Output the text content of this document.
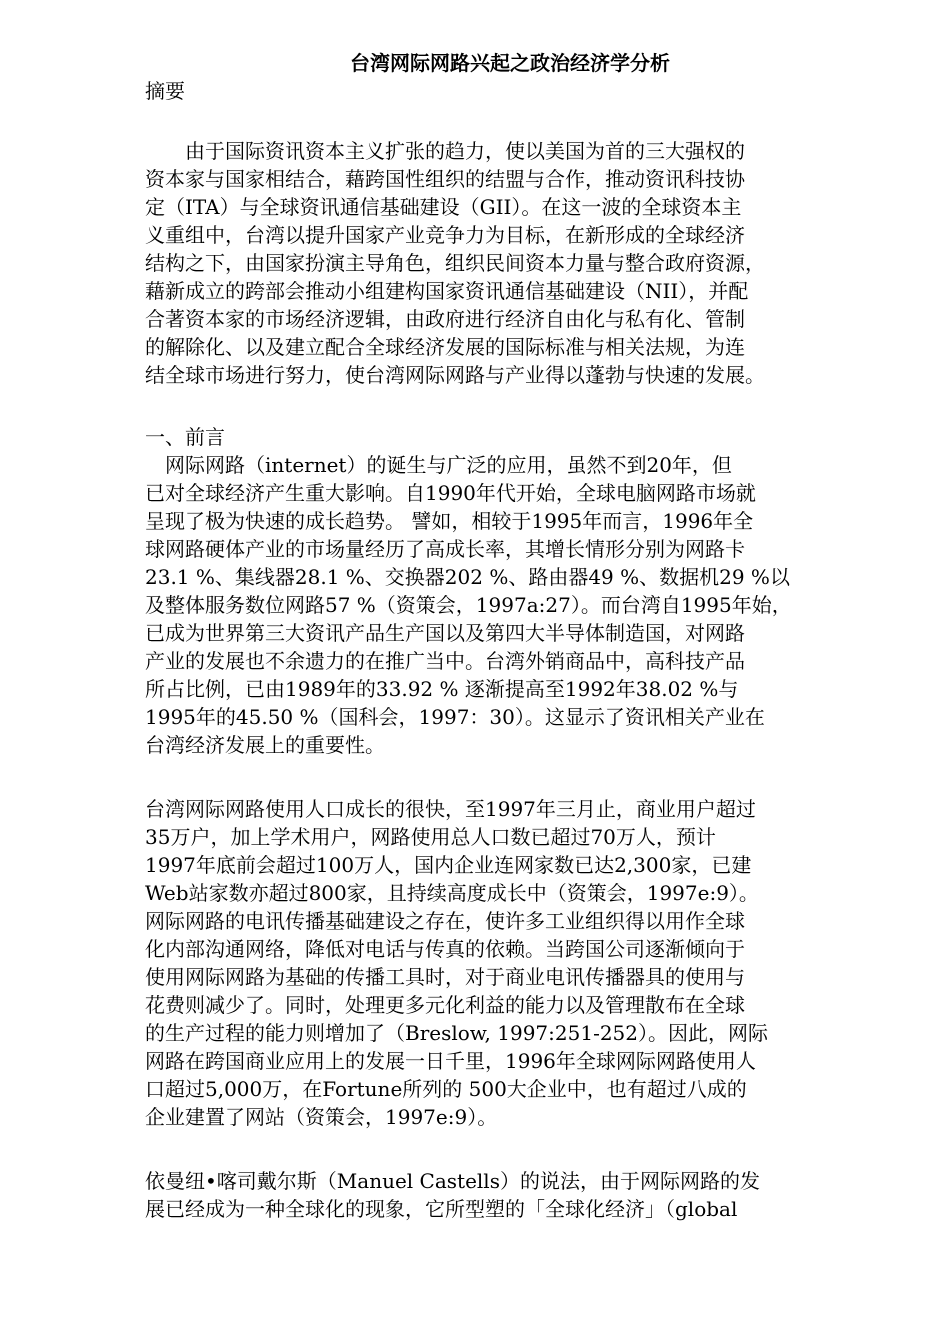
台湾网际网路兴起之政治经济学分析
摘要
　　由于国际资讯资本主义扩张的趋力，使以美国为首的三大强权的
资本家与国家相结合，藉跨国性组织的结盟与合作，推动资讯科技协
定（ITA）与全球资讯通信基础建设（GII）。在这一波的全球资本主
义重组中，台湾以提升国家产业竞争力为目标，在新形成的全球经济
结构之下，由国家扮演主导角色，组织民间资本力量与整合政府资源，
藉新成立的跨部会推动小组建构国家资讯通信基础建设（NII），并配
合著资本家的市场经济逻辑，由政府进行经济自由化与私有化、管制
的解除化、以及建立配合全球经济发展的国际标准与相关法规，为连
结全球市场进行努力，使台湾网际网路与产业得以蓬勃与快速的发展。
一、前言
　网际网路（internet）的诞生与广泛的应用，虽然不到20年，但
已对全球经济产生重大影响。自1990年代开始，全球电脑网路市场就
呈现了极为快速的成长趋势。 譬如，相较于1995年而言，1996年全
球网路硬体产业的市场量经历了高成长率，其增长情形分别为网路卡
23.1 %、集线器28.1 %、交换器202 %、路由器49 %、数据机29 %以
及整体服务数位网路57 %（资策会，1997a:27）。而台湾自1995年始，
已成为世界第三大资讯产品生产国以及第四大半导体制造国，对网路
产业的发展也不余遗力的在推广当中。台湾外销商品中，高科技产品
所占比例，已由1989年的33.92 % 逐渐提高至1992年38.02 %与
1995年的45.50 %（国科会，1997：30）。这显示了资讯相关产业在
台湾经济发展上的重要性。
台湾网际网路使用人口成长的很快，至1997年三月止，商业用户超过
35万户，加上学术用户，网路使用总人口数已超过70万人，预计
1997年底前会超过100万人，国内企业连网家数已达2,300家，已建
Web站家数亦超过800家，且持续高度成长中（资策会，1997e:9）。
网际网路的电讯传播基础建设之存在，使许多工业组织得以用作全球
化内部沟通网络，降低对电话与传真的依赖。当跨国公司逐渐倾向于
使用网际网路为基础的传播工具时，对于商业电讯传播器具的使用与
花费则减少了。同时，处理更多元化利益的能力以及管理散布在全球
的生产过程的能力则增加了（Breslow, 1997:251-252）。因此，网际
网路在跨国商业应用上的发展一日千里，1996年全球网际网路使用人
口超过5,000万，在Fortune所列的 500大企业中，也有超过八成的
企业建置了网站（资策会，1997e:9）。
依曼纽•喀司戴尔斯（Manuel Castells）的说法，由于网际网路的发
展已经成为一种全球化的现象，它所型塑的「全球化经济」（global
